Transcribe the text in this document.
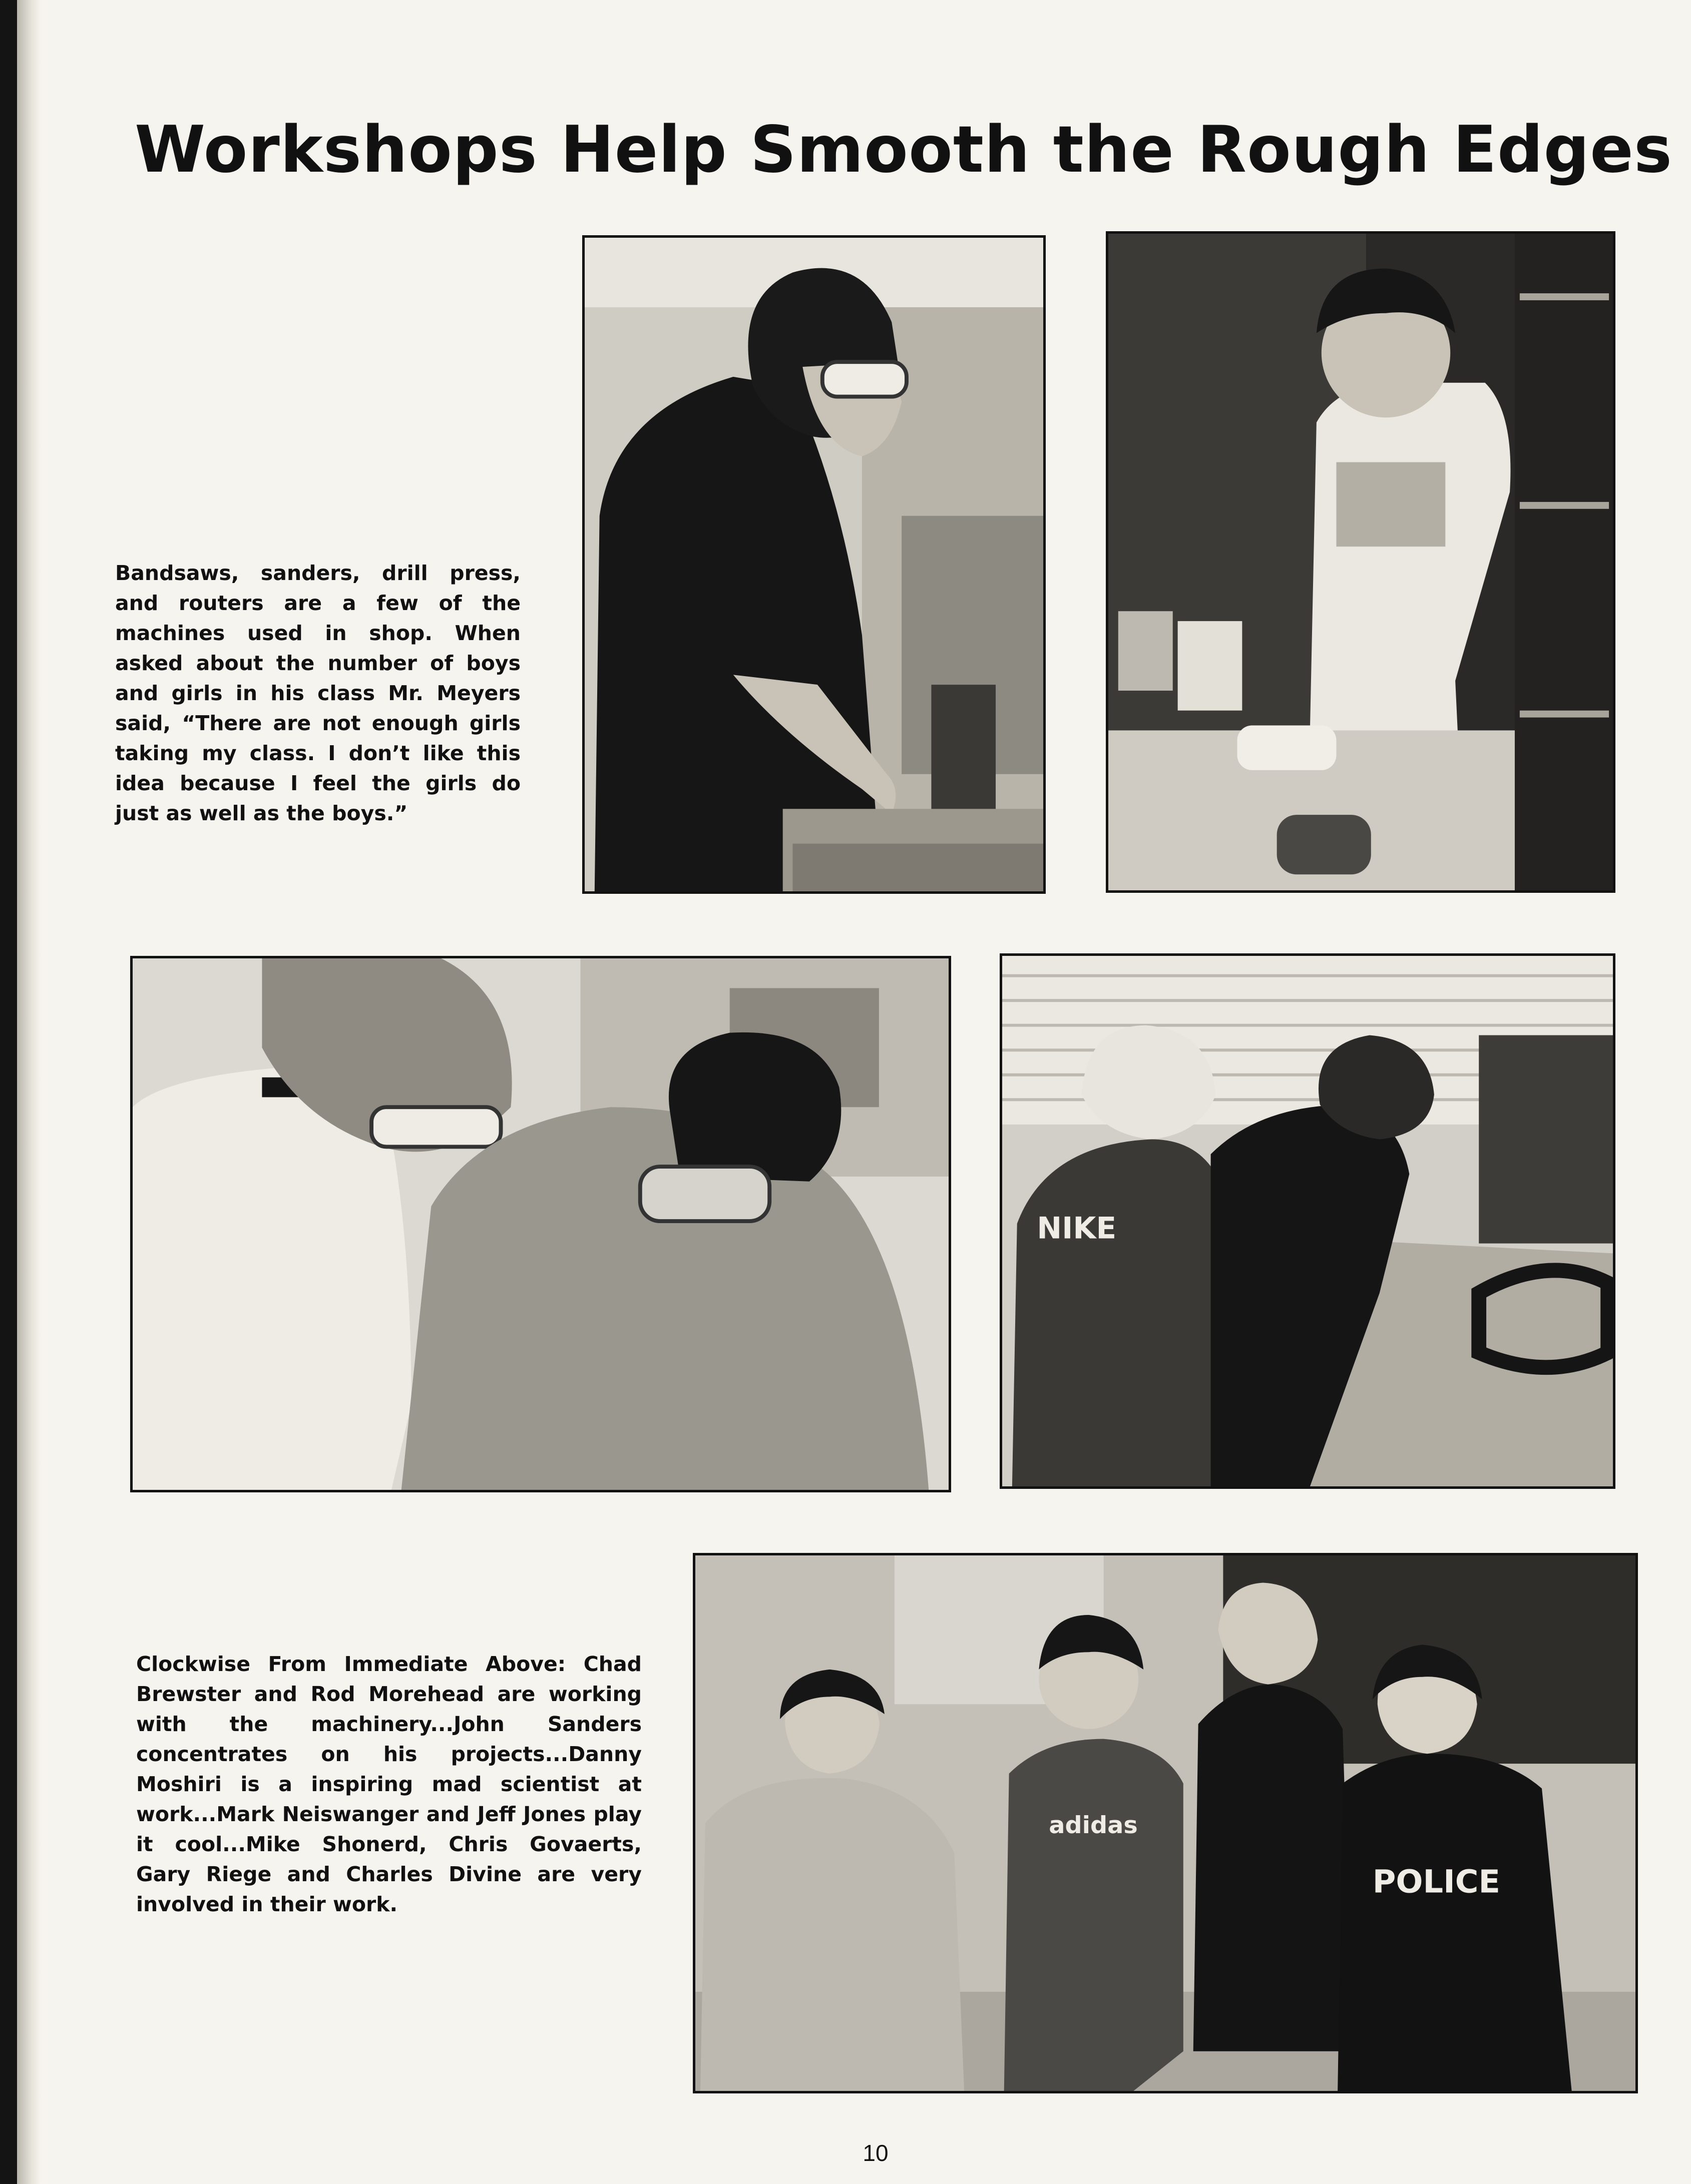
Workshops Help Smooth the Rough Edges

Bandsaws, sanders, drill press, and routers are a few of the machines used in shop. When asked about the number of boys and girls in his class Mr. Meyers said, “There are not enough girls taking my class. I don’t like this idea because I feel the girls do just as well as the boys.”

NIKE

Clockwise From Immediate Above: Chad Brewster and Rod Morehead are working with the machinery...John Sanders concentrates on his projects...Danny Moshiri is a inspiring mad scientist at work...Mark Neiswanger and Jeff Jones play it cool...Mike Shonerd, Chris Govaerts, Gary Riege and Charles Divine are very involved in their work.

adidas
POLICE
10
